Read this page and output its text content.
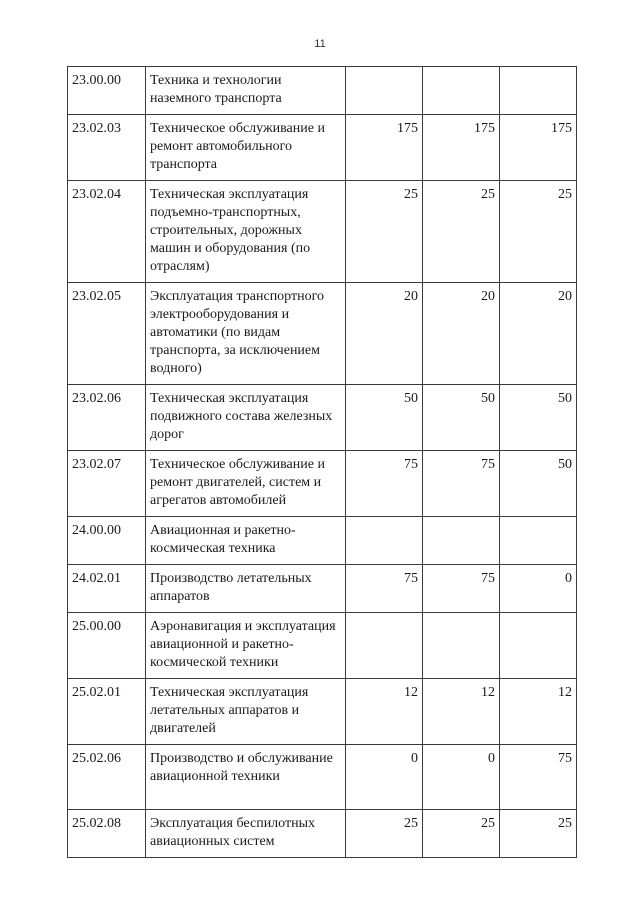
11
23.00.00	Техника и технологии наземного транспорта			
23.02.03	Техническое обслуживание и ремонт автомобильного транспорта	175	175	175
23.02.04	Техническая эксплуатация подъемно-транспортных, строительных, дорожных машин и оборудования (по отраслям)	25	25	25
23.02.05	Эксплуатация транспортного электрооборудования и автоматики (по видам транспорта, за исключением водного)	20	20	20
23.02.06	Техническая эксплуатация подвижного состава железных дорог	50	50	50
23.02.07	Техническое обслуживание и ремонт двигателей, систем и агрегатов автомобилей	75	75	50
24.00.00	Авиационная и ракетно-космическая техника			
24.02.01	Производство летательных аппаратов	75	75	0
25.00.00	Аэронавигация и эксплуатация авиационной и ракетно-космической техники			
25.02.01	Техническая эксплуатация летательных аппаратов и двигателей	12	12	12
25.02.06	Производство и обслуживание авиационной техники	0	0	75
25.02.08	Эксплуатация беспилотных авиационных систем	25	25	25
